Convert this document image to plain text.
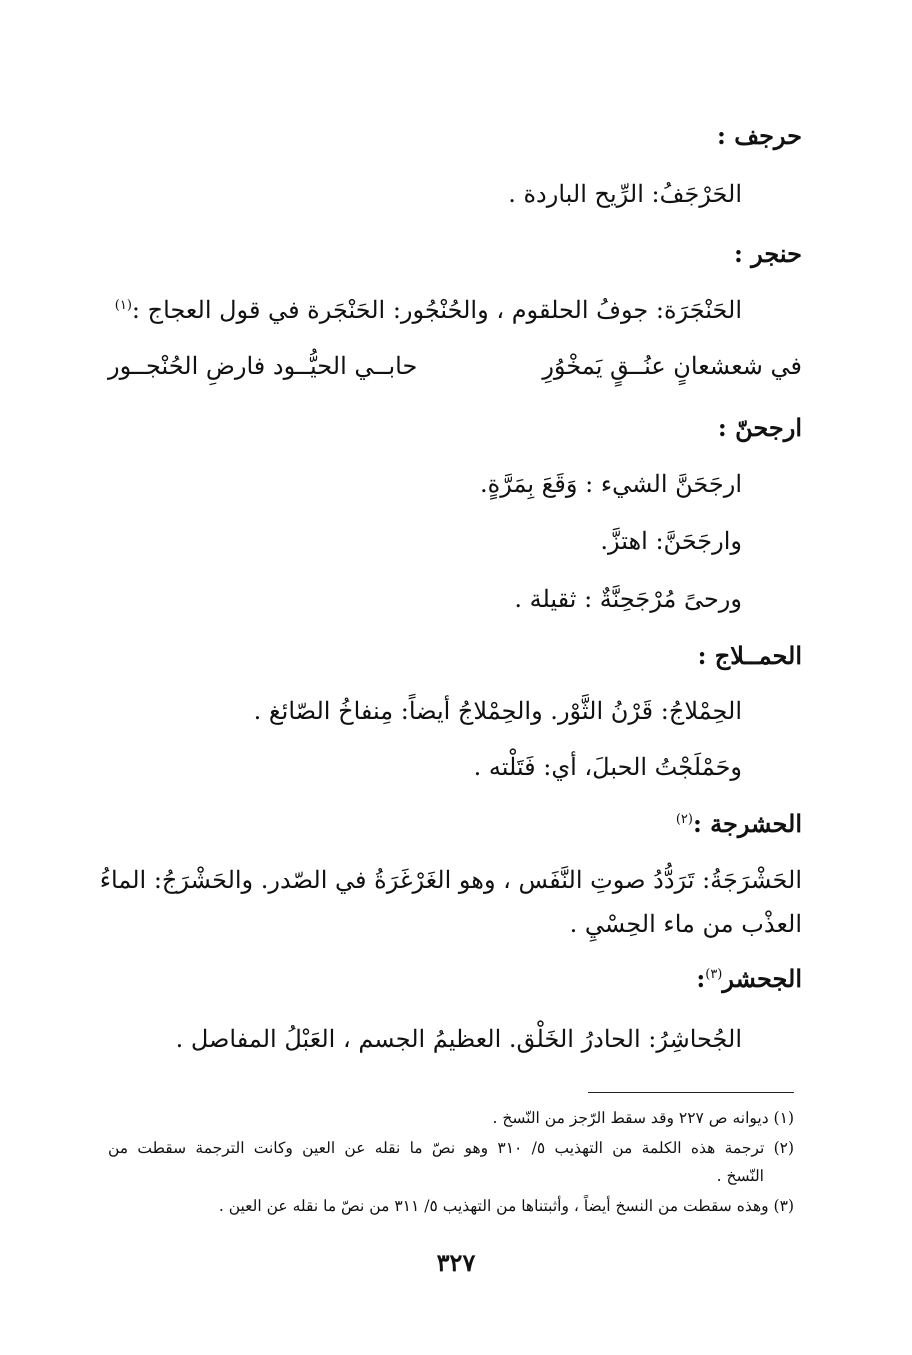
حرجف :
الحَرْجَفُ: الرِّيح الباردة .
حنجر :
الحَنْجَرَة: جوفُ الحلقوم ، والحُنْجُور: الحَنْجَرة في قول العجاج :$^{(١)}$
في شعشعانٍ عنُــقٍ يَمخْوُرِ
حابــي الحيُّــود فارضِ الحُنْجــور
ارجحنّ :
ارجَحَنَّ الشيء : وَقَعَ بِمَرَّةٍ.
وارجَحَنَّ: اهتزَّ.
ورحىً مُرْجَحِنَّةٌ : ثقيلة .
الحمــلاج :
الحِمْلاجُ: قَرْنُ الثَّوْر. والحِمْلاجُ أيضاً: مِنفاخُ الصّائغ .
وحَمْلَجْتُ الحبلَ، أي: فَتَلْته .
الحشرجة :$^{(٢)}$
الحَشْرَجَةُ: تَرَدُّدُ صوتِ النَّفَس ، وهو الغَرْغَرَةُ في الصّدر. والحَشْرَجُ: الماءُ
العذْب من ماء الحِسْيِ .
الجحشر$^{(٣)}$:
الجُحاشِرُ: الحادرُ الخَلْق. العظيمُ الجسم ، العَبْلُ المفاصل .
(١) ديوانه ص ٢٢٧ وقد سقط الرّجز من النّسخ .
(٢) ترجمة هذه الكلمة من التهذيب ٥/ ٣١٠ وهو نصّ ما نقله عن العين وكانت الترجمة سقطت من
النّسخ .
(٣) وهذه سقطت من النسخ أيضاً ، وأثبتناها من التهذيب ٥/ ٣١١ من نصّ ما نقله عن العين .
٣٢٧
